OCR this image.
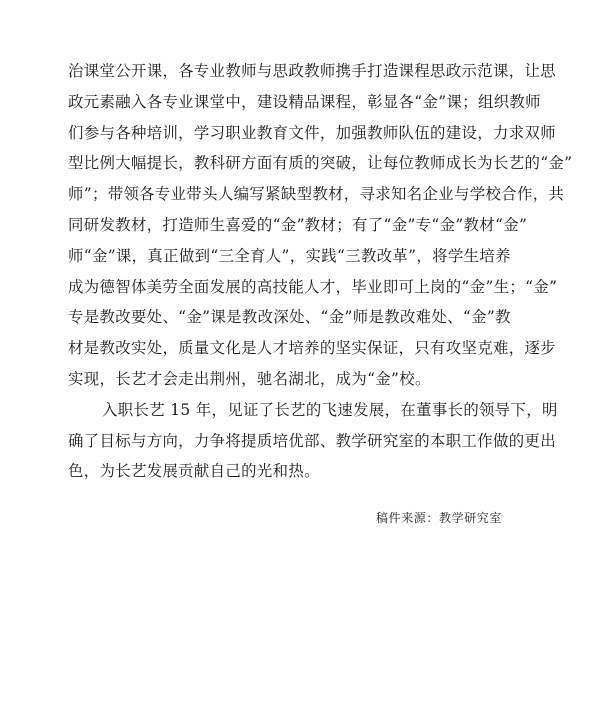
治课堂公开课，各专业教师与思政教师携手打造课程思政示范课，让思
政元素融入各专业课堂中，建设精品课程，彰显各“金”课；组织教师
们参与各种培训，学习职业教育文件，加强教师队伍的建设，力求双师
型比例大幅提长，教科研方面有质的突破，让每位教师成长为长艺的“金”
师”；带领各专业带头人编写紧缺型教材，寻求知名企业与学校合作，共
同研发教材，打造师生喜爱的“金”教材；有了“金”专“金”教材“金”
师“金”课，真正做到“三全育人”，实践“三教改革”，将学生培养
成为德智体美劳全面发展的高技能人才，毕业即可上岗的“金”生；“金”
专是教改要处、“金”课是教改深处、“金”师是教改难处、“金”教
材是教改实处，质量文化是人才培养的坚实保证，只有攻坚克难，逐步
实现，长艺才会走出荆州，驰名湖北，成为“金”校。
入职长艺 15 年，见证了长艺的飞速发展，在董事长的领导下，明
确了目标与方向，力争将提质培优部、教学研究室的本职工作做的更出
色，为长艺发展贡献自己的光和热。
稿件来源：教学研究室
